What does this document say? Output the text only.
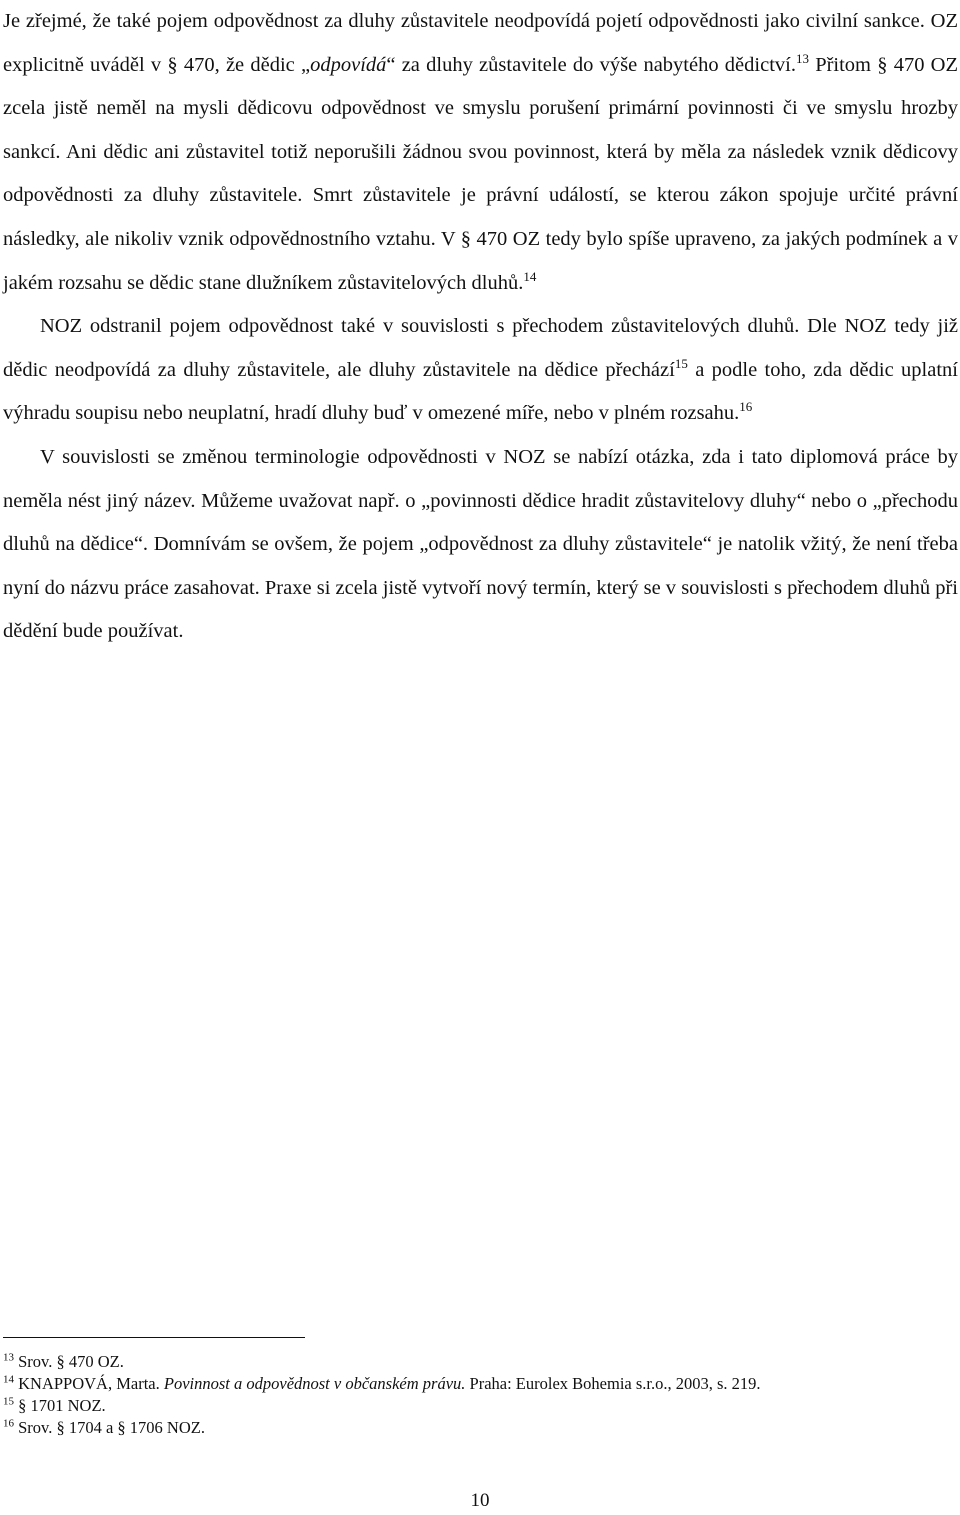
Je zřejmé, že také pojem odpovědnost za dluhy zůstavitele neodpovídá pojetí odpovědnosti jako civilní sankce. OZ explicitně uváděl v § 470, že dědic „odpovídá“ za dluhy zůstavitele do výše nabytého dědictví.$^{13}$ Přitom § 470 OZ zcela jistě neměl na mysli dědicovu odpovědnost ve smyslu porušení primární povinnosti či ve smyslu hrozby sankcí. Ani dědic ani zůstavitel totiž neporušili žádnou svou povinnost, která by měla za následek vznik dědicovy odpovědnosti za dluhy zůstavitele. Smrt zůstavitele je právní událostí, se kterou zákon spojuje určité právní následky, ale nikoliv vznik odpovědnostního vztahu. V § 470 OZ tedy bylo spíše upraveno, za jakých podmínek a v jakém rozsahu se dědic stane dlužníkem zůstavitelových dluhů.$^{14}$

NOZ odstranil pojem odpovědnost také v souvislosti s přechodem zůstavitelových dluhů. Dle NOZ tedy již dědic neodpovídá za dluhy zůstavitele, ale dluhy zůstavitele na dědice přechází$^{15}$ a podle toho, zda dědic uplatní výhradu soupisu nebo neuplatní, hradí dluhy buď v omezené míře, nebo v plném rozsahu.$^{16}$

V souvislosti se změnou terminologie odpovědnosti v NOZ se nabízí otázka, zda i tato diplomová práce by neměla nést jiný název. Můžeme uvažovat např. o „povinnosti dědice hradit zůstavitelovy dluhy“ nebo o „přechodu dluhů na dědice“. Domnívám se ovšem, že pojem „odpovědnost za dluhy zůstavitele“ je natolik vžitý, že není třeba nyní do názvu práce zasahovat. Praxe si zcela jistě vytvoří nový termín, který se v souvislosti s přechodem dluhů při dědění bude používat.

$^{13}$ Srov. § 470 OZ.

$^{14}$ KNAPPOVÁ, Marta. Povinnost a odpovědnost v občanském právu. Praha: Eurolex Bohemia s.r.o., 2003, s. 219.

$^{15}$ § 1701 NOZ.

$^{16}$ Srov. § 1704 a § 1706 NOZ.

10
